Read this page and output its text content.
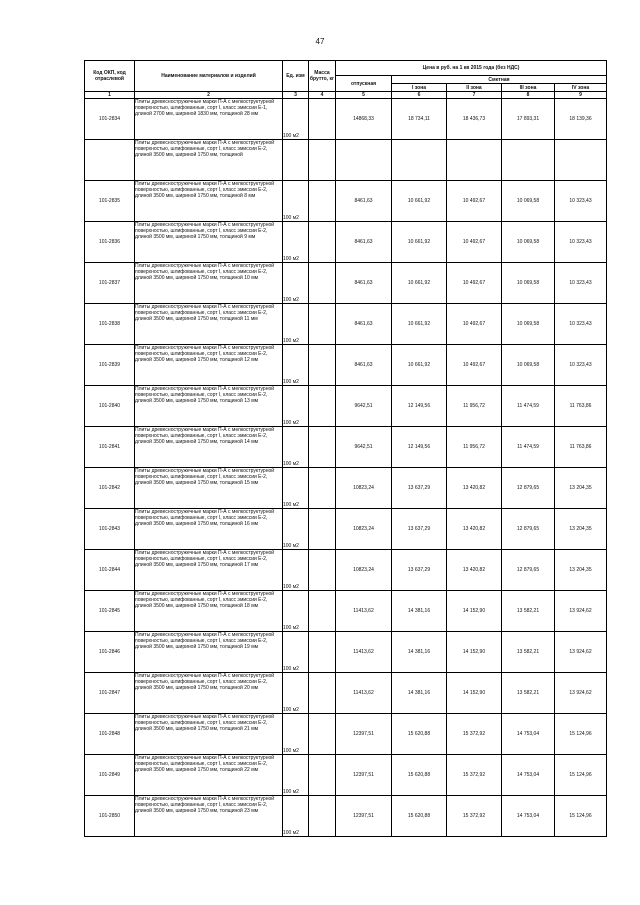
47
Код ОКП, код отраслевой	Наименование материалов и изделий	Ед. изм	Масса брутто, кг	Цена в руб. на 1 кв 2015 года (без НДС)				
				отпускная	Сметная			
					I зона	II зона	III зона	IV зона
1	2	3	4	5	6	7	8	9
101-2834	Плиты древесностружечные марки П-А с мелкоструктурной поверхностью, шлифованные, сорт I, класс эмиссии Е-1, длиной 2700 мм, шириной 1830 мм, толщиной 28 мм	100 м2		14868,33	18 734,11	18 436,73	17 893,31	18 139,36
	Плиты древесностружечные марки П-А с мелкоструктурной поверхностью, шлифованные, сорт I, класс эмиссии Е-2, длиной 3500 мм, шириной 1750 мм, толщиной							
101-2835	Плиты древесностружечные марки П-А с мелкоструктурной поверхностью, шлифованные, сорт I, класс эмиссии Е-2, длиной 3500 мм, шириной 1750 мм, толщиной 8 мм	100 м2		8461,63	10 661,92	10 492,67	10 069,58	10 323,43
101-2836	Плиты древесностружечные марки П-А с мелкоструктурной поверхностью, шлифованные, сорт I, класс эмиссии Е-2, длиной 3500 мм, шириной 1750 мм, толщиной 9 мм	100 м2		8461,63	10 661,92	10 492,67	10 069,58	10 323,43
101-2837	Плиты древесностружечные марки П-А с мелкоструктурной поверхностью, шлифованные, сорт I, класс эмиссии Е-2, длиной 3500 мм, шириной 1750 мм, толщиной 10 мм	100 м2		8461,63	10 661,92	10 492,67	10 069,58	10 323,43
101-2838	Плиты древесностружечные марки П-А с мелкоструктурной поверхностью, шлифованные, сорт I, класс эмиссии Е-2, длиной 3500 мм, шириной 1750 мм, толщиной 11 мм	100 м2		8461,63	10 661,92	10 492,67	10 069,58	10 323,43
101-2839	Плиты древесностружечные марки П-А с мелкоструктурной поверхностью, шлифованные, сорт I, класс эмиссии Е-2, длиной 3500 мм, шириной 1750 мм, толщиной 12 мм	100 м2		8461,63	10 661,92	10 492,67	10 069,58	10 323,43
101-2840	Плиты древесностружечные марки П-А с мелкоструктурной поверхностью, шлифованные, сорт I, класс эмиссии Е-2, длиной 3500 мм, шириной 1750 мм, толщиной 13 мм	100 м2		9642,51	12 149,56	11 956,72	11 474,59	11 763,86
101-2841	Плиты древесностружечные марки П-А с мелкоструктурной поверхностью, шлифованные, сорт I, класс эмиссии Е-2, длиной 3500 мм, шириной 1750 мм, толщиной 14 мм	100 м2		9642,51	12 149,56	11 956,72	11 474,59	11 763,86
101-2842	Плиты древесностружечные марки П-А с мелкоструктурной поверхностью, шлифованные, сорт I, класс эмиссии Е-2, длиной 3500 мм, шириной 1750 мм, толщиной 15 мм	100 м2		10823,24	13 637,29	13 420,82	12 879,65	13 204,35
101-2843	Плиты древесностружечные марки П-А с мелкоструктурной поверхностью, шлифованные, сорт I, класс эмиссии Е-2, длиной 3500 мм, шириной 1750 мм, толщиной 16 мм	100 м2		10823,24	13 637,29	13 420,82	12 879,65	13 204,35
101-2844	Плиты древесностружечные марки П-А с мелкоструктурной поверхностью, шлифованные, сорт I, класс эмиссии Е-2, длиной 3500 мм, шириной 1750 мм, толщиной 17 мм	100 м2		10823,24	13 637,29	13 420,82	12 879,65	13 204,35
101-2845	Плиты древесностружечные марки П-А с мелкоструктурной поверхностью, шлифованные, сорт I, класс эмиссии Е-2, длиной 3500 мм, шириной 1750 мм, толщиной 18 мм	100 м2		11413,62	14 381,16	14 152,90	13 582,21	13 924,62
101-2846	Плиты древесностружечные марки П-А с мелкоструктурной поверхностью, шлифованные, сорт I, класс эмиссии Е-2, длиной 3500 мм, шириной 1750 мм, толщиной 19 мм	100 м2		11413,62	14 381,16	14 152,90	13 582,21	13 924,62
101-2847	Плиты древесностружечные марки П-А с мелкоструктурной поверхностью, шлифованные, сорт I, класс эмиссии Е-2, длиной 3500 мм, шириной 1750 мм, толщиной 20 мм	100 м2		11413,62	14 381,16	14 152,90	13 582,21	13 924,62
101-2848	Плиты древесностружечные марки П-А с мелкоструктурной поверхностью, шлифованные, сорт I, класс эмиссии Е-2, длиной 3500 мм, шириной 1750 мм, толщиной 21 мм	100 м2		12397,51	15 620,88	15 372,92	14 753,04	15 124,96
101-2849	Плиты древесностружечные марки П-А с мелкоструктурной поверхностью, шлифованные, сорт I, класс эмиссии Е-2, длиной 3500 мм, шириной 1750 мм, толщиной 22 мм	100 м2		12397,51	15 620,88	15 372,92	14 753,04	15 124,96
101-2850	Плиты древесностружечные марки П-А с мелкоструктурной поверхностью, шлифованные, сорт I, класс эмиссии Е-2, длиной 3500 мм, шириной 1750 мм, толщиной 23 мм	100 м2		12397,51	15 620,88	15 372,92	14 753,04	15 124,96
